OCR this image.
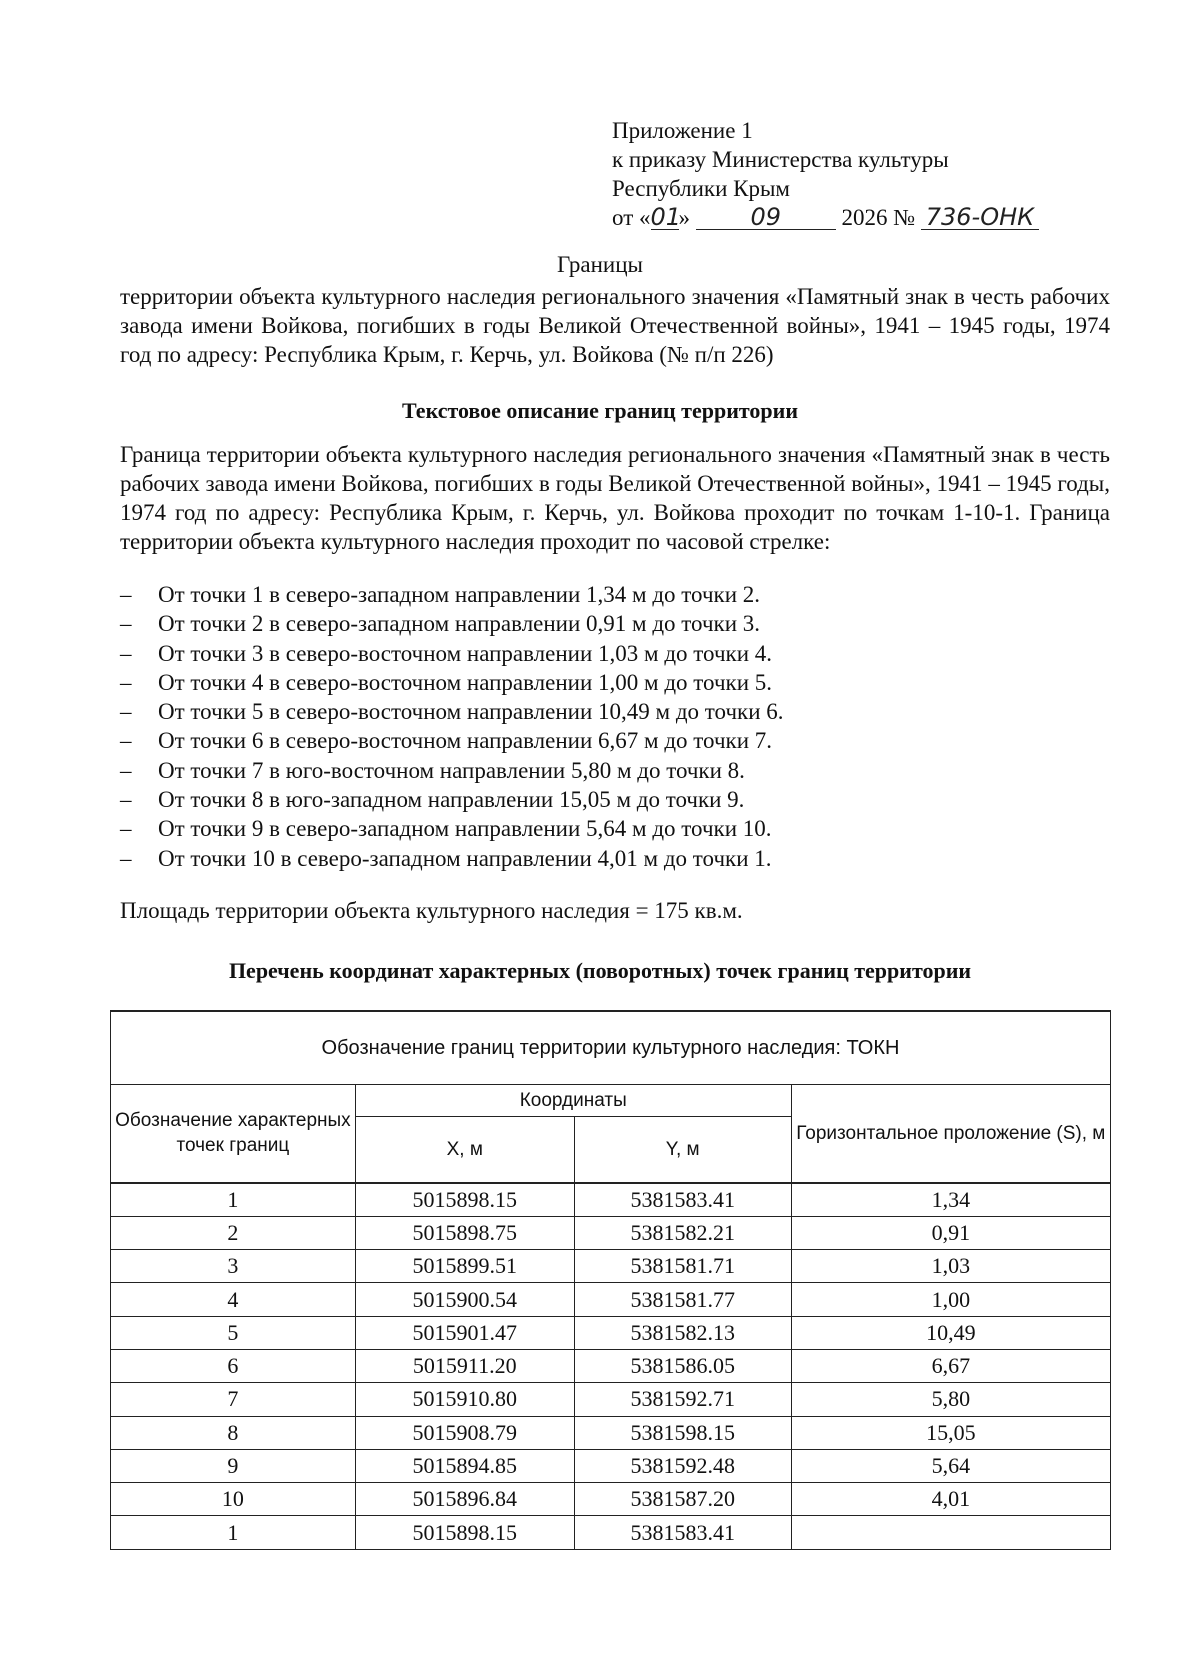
Приложение 1
к приказу Министерства культуры
Республики Крым
от «01»	09	2026 № 736-ОНК
Границы
территории объекта культурного наследия регионального значения «Памятный знак в честь рабочих завода имени Войкова, погибших в годы Великой Отечественной войны», 1941 – 1945 годы, 1974 год по адресу: Республика Крым, г. Керчь, ул. Войкова (№ п/п 226)
Текстовое описание границ территории
Граница территории объекта культурного наследия регионального значения «Памятный знак в честь рабочих завода имени Войкова, погибших в годы Великой Отечественной войны», 1941 – 1945 годы, 1974 год по адресу: Республика Крым, г. Керчь, ул. Войкова проходит по точкам 1-10-1. Граница территории объекта культурного наследия проходит по часовой стрелке:
– От точки 1 в северо-западном направлении 1,34 м до точки 2.
– От точки 2 в северо-западном направлении 0,91 м до точки 3.
– От точки 3 в северо-восточном направлении 1,03 м до точки 4.
– От точки 4 в северо-восточном направлении 1,00 м до точки 5.
– От точки 5 в северо-восточном направлении 10,49 м до точки 6.
– От точки 6 в северо-восточном направлении 6,67 м до точки 7.
– От точки 7 в юго-восточном направлении 5,80 м до точки 8.
– От точки 8 в юго-западном направлении 15,05 м до точки 9.
– От точки 9 в северо-западном направлении 5,64 м до точки 10.
– От точки 10 в северо-западном направлении 4,01 м до точки 1.
Площадь территории объекта культурного наследия = 175 кв.м.
Перечень координат характерных (поворотных) точек границ территории
Обозначение границ территории культурного наследия: ТОКН			
Обозначение характерных точек границ	Координаты		Горизонтальное проложение (S), м
	X, м	Y, м	
1	5015898.15	5381583.41	1,34
2	5015898.75	5381582.21	0,91
3	5015899.51	5381581.71	1,03
4	5015900.54	5381581.77	1,00
5	5015901.47	5381582.13	10,49
6	5015911.20	5381586.05	6,67
7	5015910.80	5381592.71	5,80
8	5015908.79	5381598.15	15,05
9	5015894.85	5381592.48	5,64
10	5015896.84	5381587.20	4,01
1	5015898.15	5381583.41	
